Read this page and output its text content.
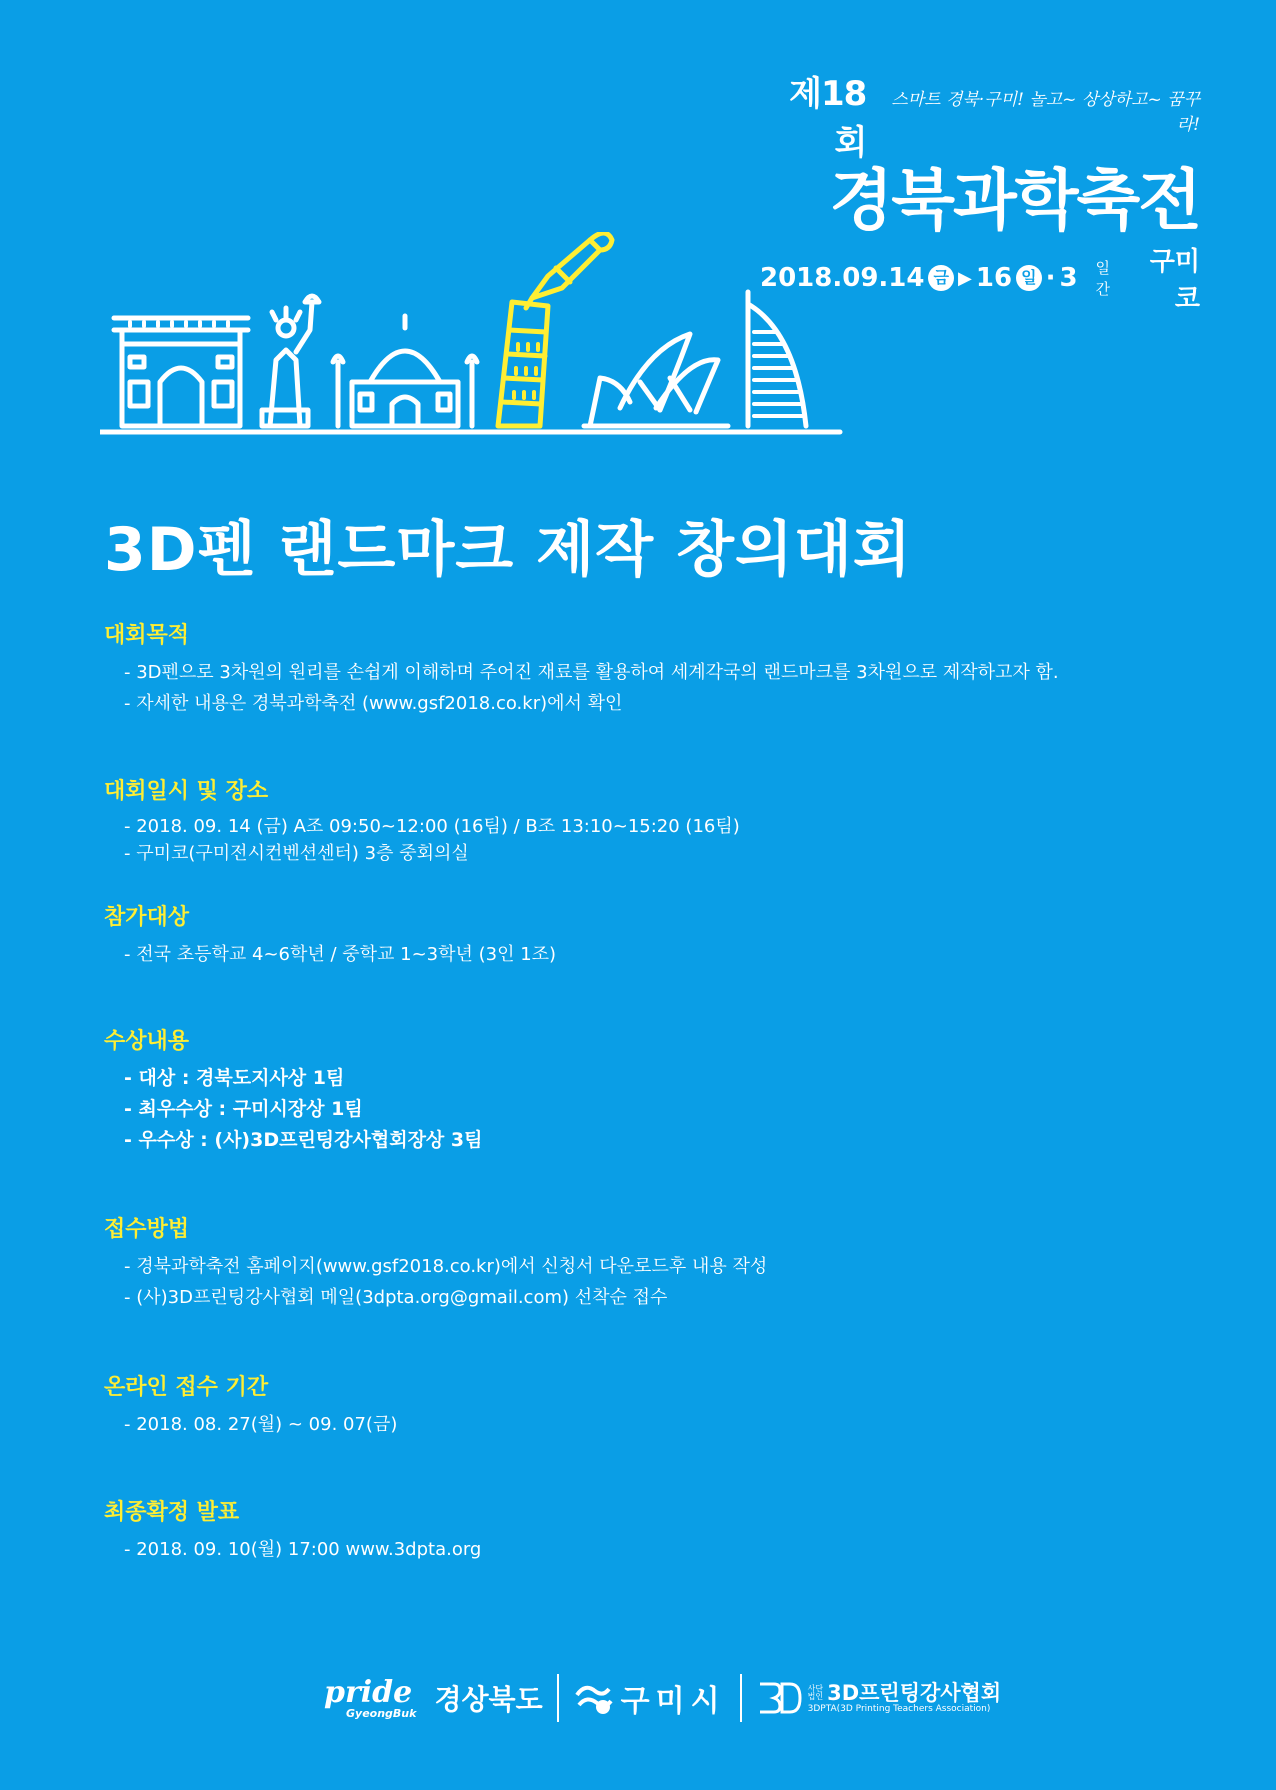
제18회
스마트 경북·구미! 놀고~ 상상하고~ 꿈꾸라!
경북과학축전
2018.09.14 금 ▶ 16 일 · 3	일간
구미코
3D펜 랜드마크 제작 창의대회
대회목적
- 3D펜으로 3차원의 원리를 손쉽게 이해하며 주어진 재료를 활용하여 세계각국의 랜드마크를 3차원으로 제작하고자 함.
- 자세한 내용은 경북과학축전 (www.gsf2018.co.kr)에서 확인
대회일시 및 장소
- 2018. 09. 14 (금) A조 09:50~12:00 (16팀) / B조 13:10~15:20 (16팀)
- 구미코(구미전시컨벤션센터) 3층 중회의실
참가대상
- 전국 초등학교 4~6학년 / 중학교 1~3학년 (3인 1조)
수상내용
- 대상 : 경북도지사상 1팀
- 최우수상 : 구미시장상 1팀
- 우수상 : (사)3D프린팅강사협회장상 3팀
접수방법
- 경북과학축전 홈페이지(www.gsf2018.co.kr)에서 신청서 다운로드후 내용 작성
- (사)3D프린팅강사협회 메일(3dpta.org@gmail.com) 선착순 접수
온라인 접수 기간
- 2018. 08. 27(월) ~ 09. 07(금)
최종확정 발표
- 2018. 09. 10(월) 17:00 www.3dpta.org
pride
GyeongBuk 경상북도	구미시	사단
법인 3D프린팅강사협회
3DPTA(3D Printing Teachers Association)
